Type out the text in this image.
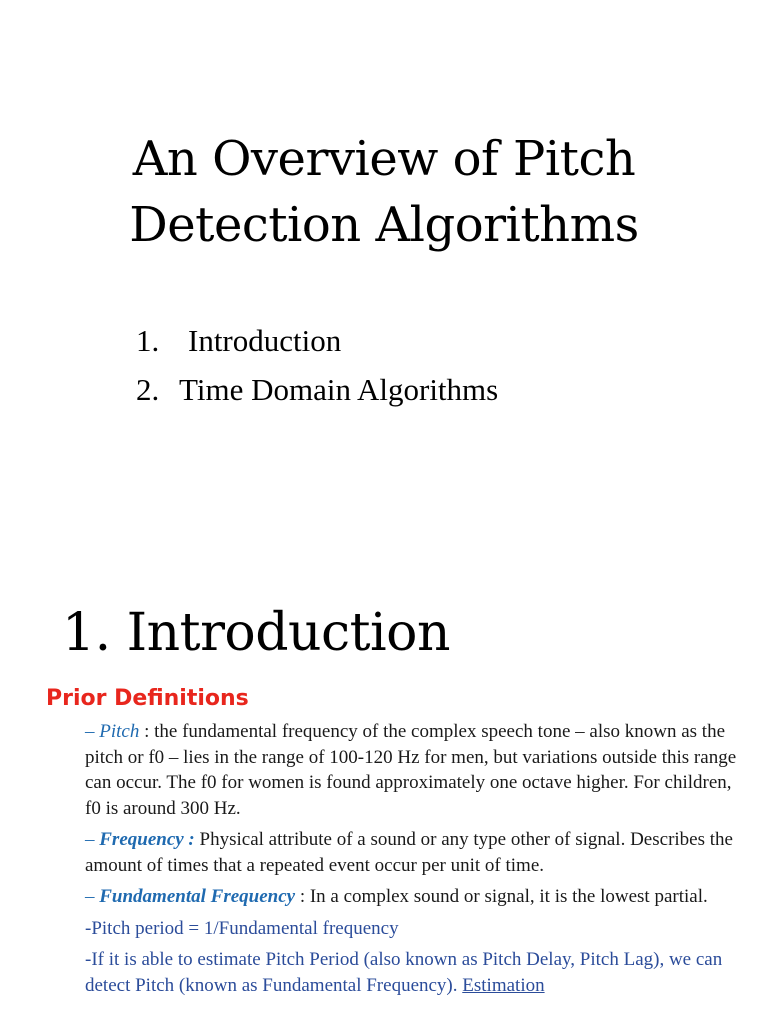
An Overview of Pitch
Detection Algorithms
1. Introduction
2. Time Domain Algorithms
1. Introduction
Prior Definitions

– Pitch : the fundamental frequency of the complex speech tone – also known as the pitch or f0 – lies in the range of 100-120 Hz for men, but variations outside this range can occur. The f0 for women is found approximately one octave higher. For children, f0 is around 300 Hz.

– Frequency : Physical attribute of a sound or any type other of signal. Describes the amount of times that a repeated event occur per unit of time.

– Fundamental Frequency : In a complex sound or signal, it is the lowest partial.

-Pitch period = 1/Fundamental frequency

-If it is able to estimate Pitch Period (also known as Pitch Delay, Pitch Lag), we can detect Pitch (known as Fundamental Frequency). Estimation
